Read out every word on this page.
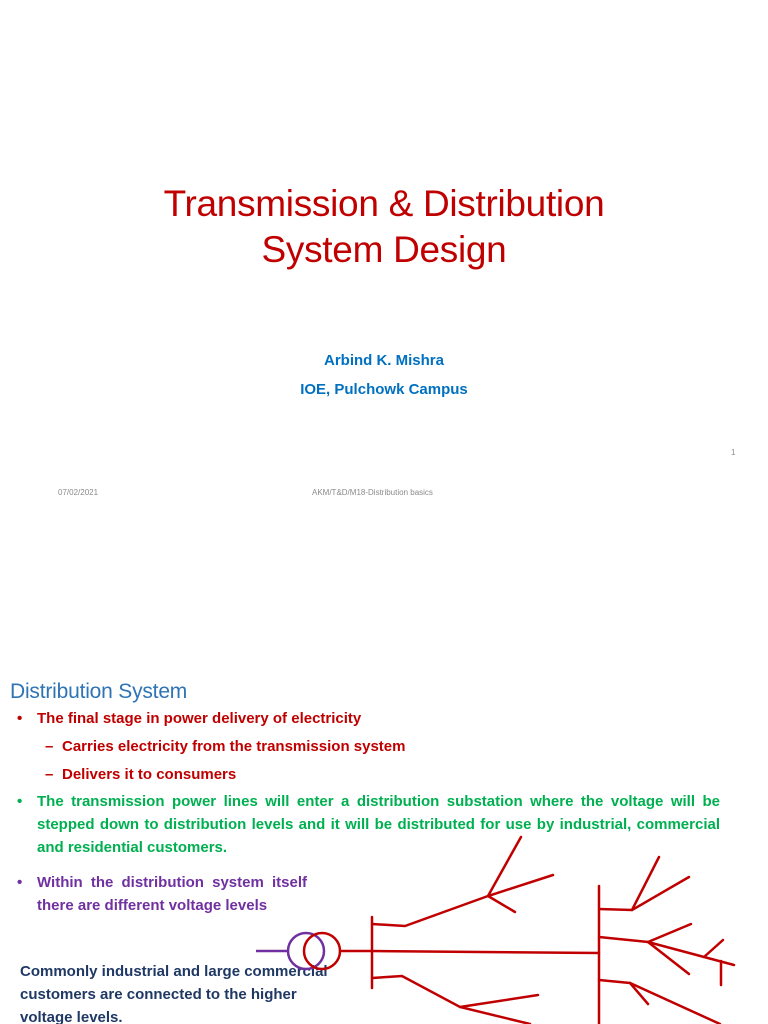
Transmission & Distribution
System Design
Arbind K. Mishra
IOE, Pulchowk Campus
1
07/02/2021	AKM/T&D/M18-Distribution basics
Distribution System
• The final stage in power delivery of electricity
– Carries electricity from the transmission system
– Delivers it to consumers
• The transmission power lines will enter a distribution substation where the voltage will be stepped down to distribution levels and it will be distributed for use by industrial, commercial and residential customers.
• Within the distribution system itself there are different voltage levels
Commonly industrial and large commercial customers are connected to the higher voltage levels.
